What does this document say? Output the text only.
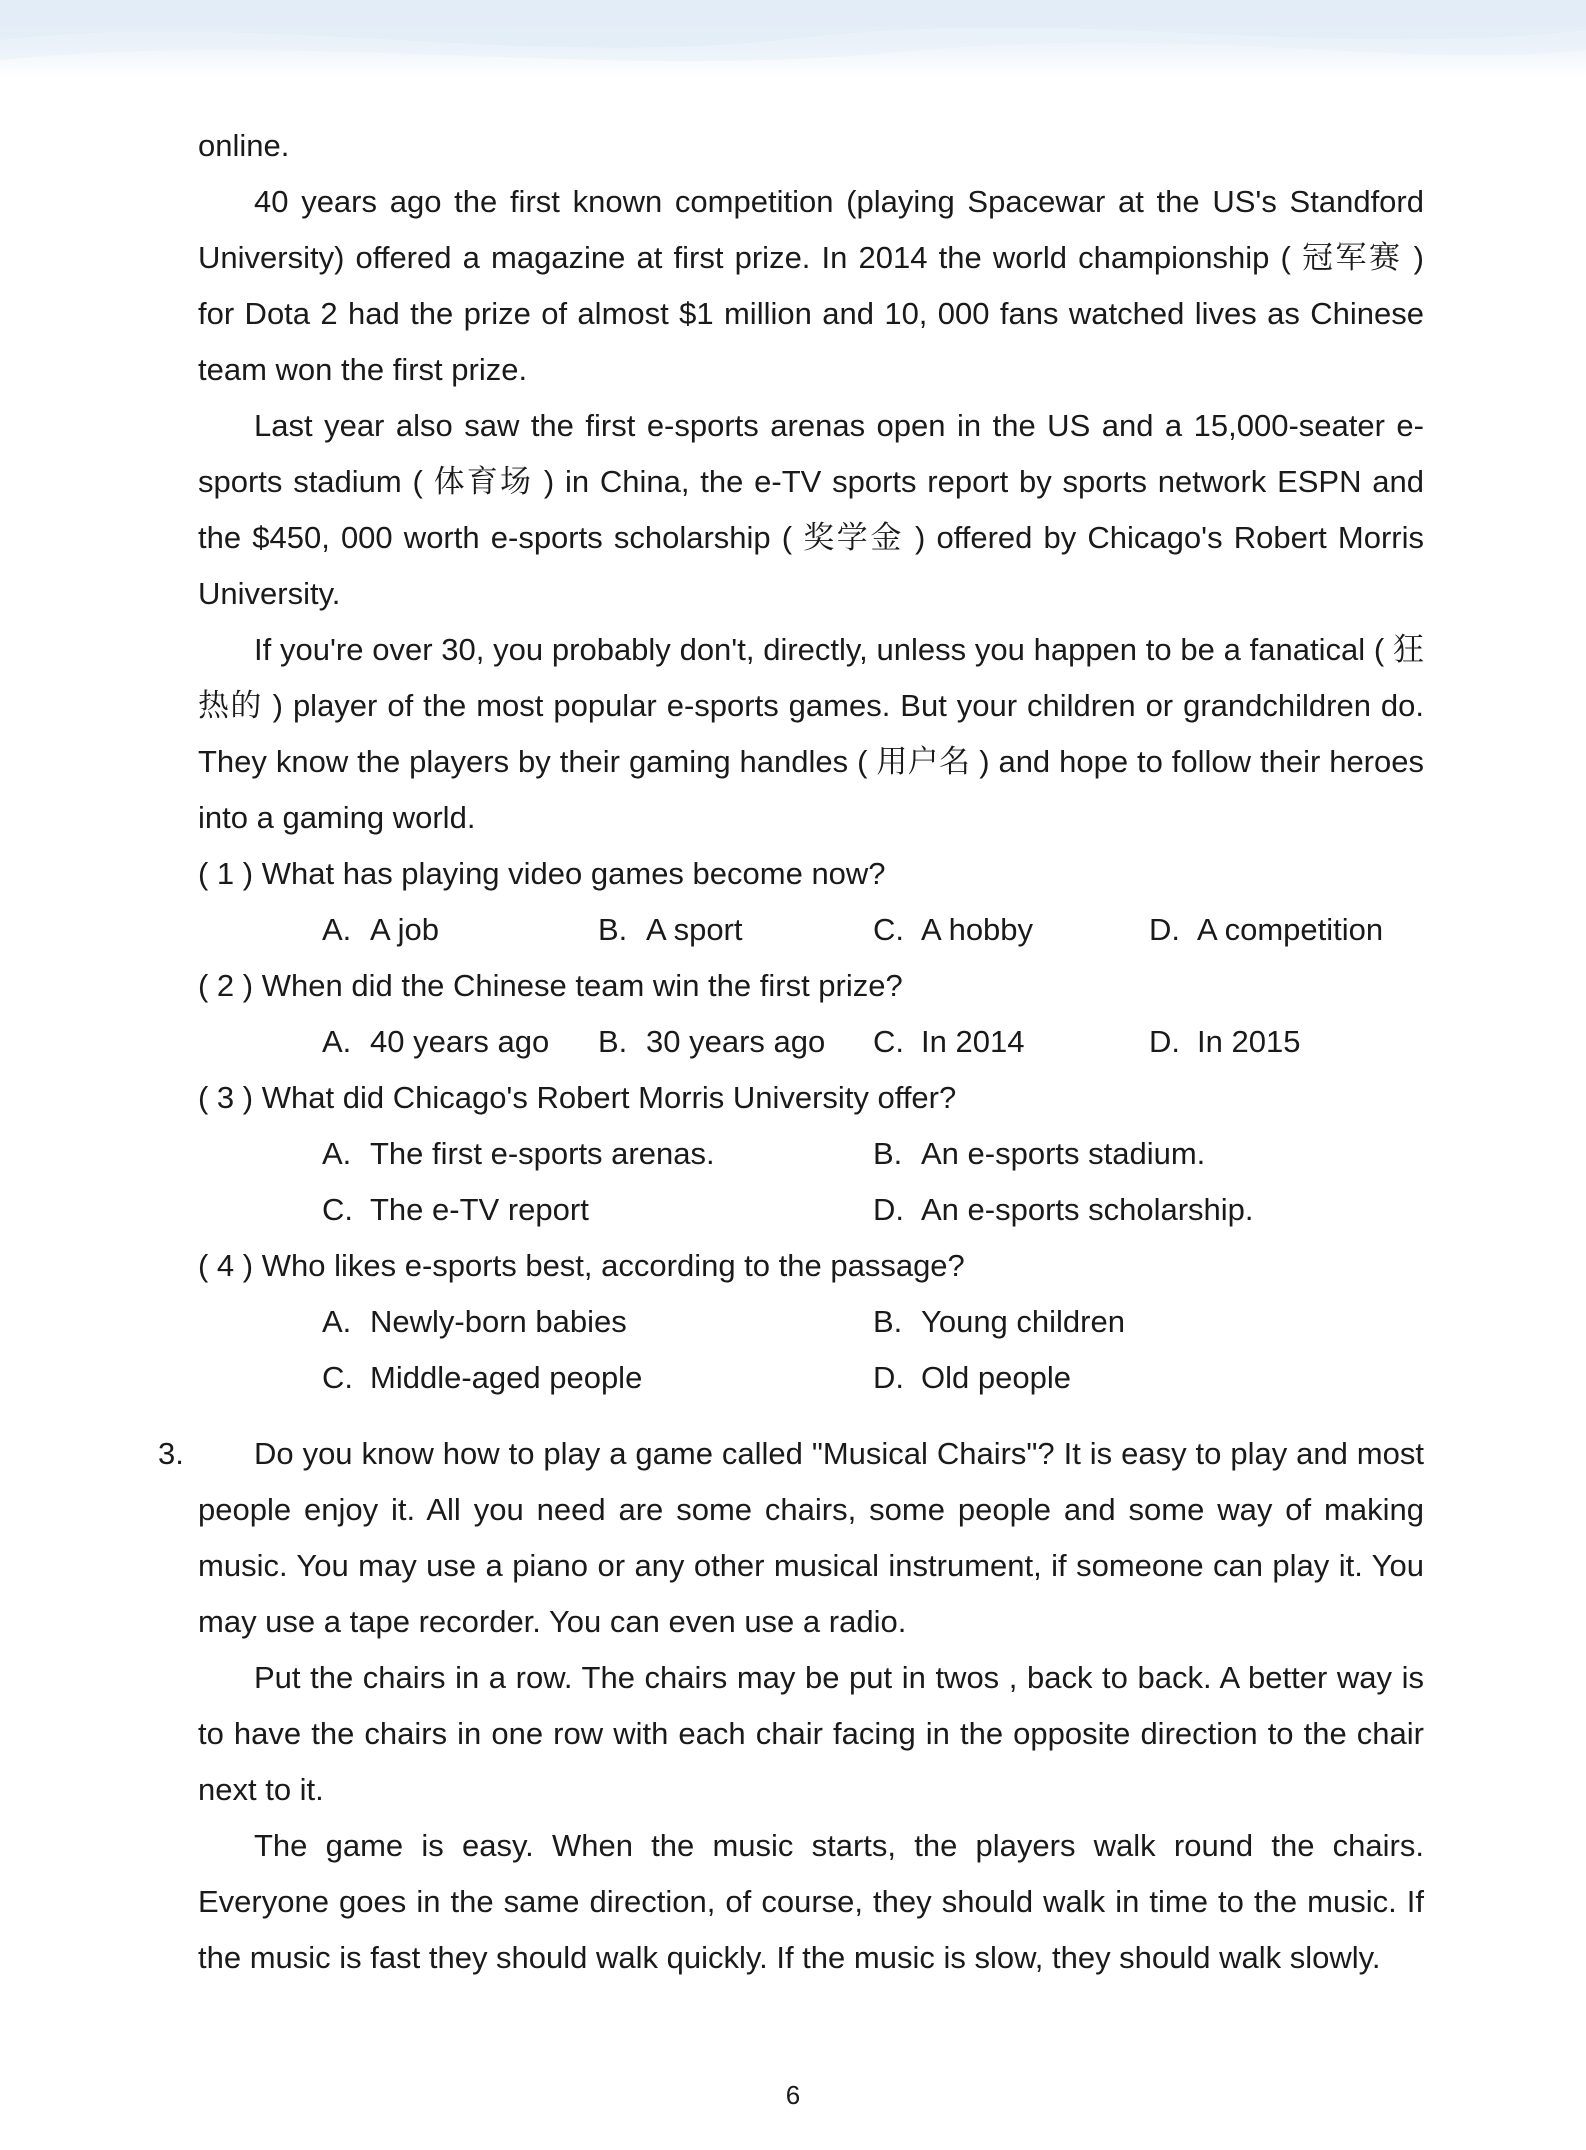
online.

40 years ago the first known competition (playing Spacewar at the US's Standford University) offered a magazine at first prize. In 2014 the world championship ( 冠军赛 ) for Dota 2 had the prize of almost $1 million and 10, 000 fans watched lives as Chinese team won the first prize.

Last year also saw the first e-sports arenas open in the US and a 15,000-seater e-sports stadium ( 体育场 ) in China, the e-TV sports report by sports network ESPN and the $450, 000 worth e-sports scholarship ( 奖学金 ) offered by Chicago's Robert Morris University.

If you're over 30, you probably don't, directly, unless you happen to be a fanatical ( 狂热的 ) player of the most popular e-sports games. But your children or grandchildren do. They know the players by their gaming handles ( 用户名 ) and hope to follow their heroes into a gaming world.

( 1 ) What has playing video games become now?
A. A job	B. A sport	C. A hobby	D. A competition
( 2 ) When did the Chinese team win the first prize?
A. 40 years ago B. 30 years ago C. In 2014	D. In 2015
( 3 ) What did Chicago's Robert Morris University offer?
A. The first e-sports arenas.	B. An e-sports stadium.
C. The e-TV report	D. An e-sports scholarship.
( 4 ) Who likes e-sports best, according to the passage?
A. Newly-born babies	B. Young children
C. Middle-aged people	D. Old people
3.	Do you know how to play a game called "Musical Chairs"? It is easy to play and most people enjoy it. All you need are some chairs, some people and some way of making music. You may use a piano or any other musical instrument, if someone can play it. You may use a tape recorder. You can even use a radio.

Put the chairs in a row. The chairs may be put in twos , back to back. A better way is to have the chairs in one row with each chair facing in the opposite direction to the chair next to it.

The game is easy. When the music starts, the players walk round the chairs. Everyone goes in the same direction, of course, they should walk in time to the music. If the music is fast they should walk quickly. If the music is slow, they should walk slowly.

6
